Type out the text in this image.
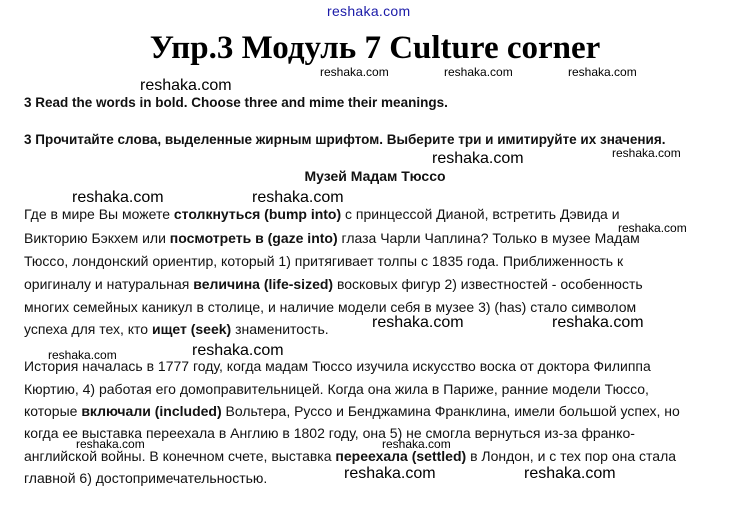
reshaka.com
Упр.3 Модуль 7 Culture corner
reshaka.com
reshaka.com	reshaka.com	reshaka.com
3 Read the words in bold. Choose three and mime their meanings.
3 Прочитайте слова, выделенные жирным шрифтом. Выберите три и имитируйте их значения.
reshaka.com	reshaka.com
Музей Мадам Тюссо
reshaka.com	reshaka.com
Где в мире Вы можете столкнуться (bump into) с принцессой Дианой, встретить Дэвида и
reshaka.com
Викторию Бэкхем или посмотреть в (gaze into) глаза Чарли Чаплина? Только в музее Мадам
Тюссо, лондонский ориентир, который 1) притягивает толпы с 1835 года. Приближенность к
оригиналу и натуральная величина (life-sized) восковых фигур 2) известностей - особенность
многих семейных каникул в столице, и наличие модели себя в музее 3) (has) стало символом
успеха для тех, кто ищет (seek) знаменитость.	reshaka.com	reshaka.com
reshaka.com
reshaka.com
История началась в 1777 году, когда мадам Тюссо изучила искусство воска от доктора Филиппа
Кюртию, 4) работая его домоправительницей. Когда она жила в Париже, ранние модели Тюссо,
которые включали (included) Вольтера, Руссо и Бенджамина Франклина, имели большой успех, но
когда ее выставка переехала в Англию в 1802 году, она 5) не смогла вернуться из-за франко-
reshaka.com	reshaka.com
английской войны. В конечном счете, выставка переехала (settled) в Лондон, и с тех пор она стала
главной 6) достопримечательностью.	reshaka.com	reshaka.com
